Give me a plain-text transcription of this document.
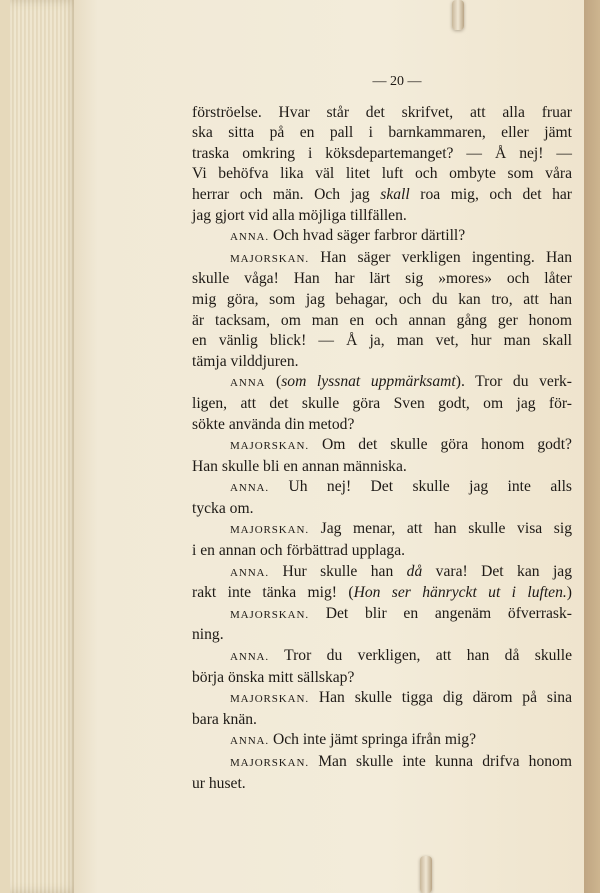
— 20 —
förströelse. Hvar står det skrifvet, att alla fruar
ska sitta på en pall i barnkammaren, eller jämt
traska omkring i köksdepartemanget? — Å nej! —
Vi behöfva lika väl litet luft och ombyte som våra
herrar och män. Och jag skall roa mig, och det har
jag gjort vid alla möjliga tillfällen.
ANNA. Och hvad säger farbror därtill?
MAJORSKAN. Han säger verkligen ingenting. Han
skulle våga! Han har lärt sig »mores» och låter
mig göra, som jag behagar, och du kan tro, att han
är tacksam, om man en och annan gång ger honom
en vänlig blick! — Å ja, man vet, hur man skall
tämja vilddjuren.
ANNA (som lyssnat uppmärksamt). Tror du verk-
ligen, att det skulle göra Sven godt, om jag för-
sökte använda din metod?
MAJORSKAN. Om det skulle göra honom godt?
Han skulle bli en annan människa.
ANNA. Uh nej! Det skulle jag inte alls
tycka om.
MAJORSKAN. Jag menar, att han skulle visa sig
i en annan och förbättrad upplaga.
ANNA. Hur skulle han då vara! Det kan jag
rakt inte tänka mig! (Hon ser hänryckt ut i luften.)
MAJORSKAN. Det blir en angenäm öfverrask-
ning.
ANNA. Tror du verkligen, att han då skulle
börja önska mitt sällskap?
MAJORSKAN. Han skulle tigga dig därom på sina
bara knän.
ANNA. Och inte jämt springa ifrån mig?
MAJORSKAN. Man skulle inte kunna drifva honom
ur huset.
